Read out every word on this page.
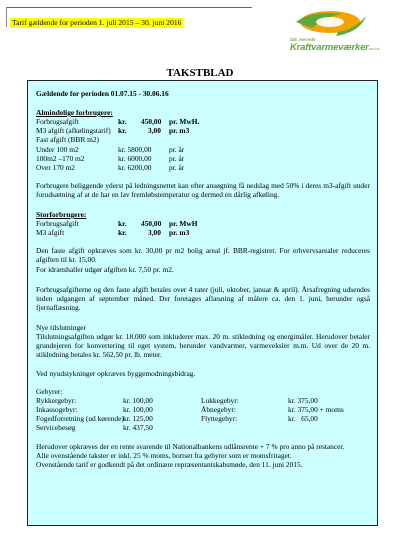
Tarif gældende for perioden 1. juli 2015 – 30. juni 2016
Sdr. Herreds
Kraftvarmeværkera.m.b.a.
TAKSTBLAD
Gældende for perioden 01.07.15 - 30.06.16
Almindelige forbrugere:
Forbrugsafgift	kr. 450,00 pr. MwH.
M3 afgift (afkølingstarif) kr.	3,00 pr. m3
Fast afgift (BBR m2)
Under 100 m2	kr. 5800,00 pr. år
100m2 –170 m2	kr. 6000,00 pr. år
Over 170 m2	kr. 6200,00 pr. år
Forbrugere beliggende yderst på ledningsnettet kan efter ansøgning få nedslag med 50% i deres m3-afgift under forudsætning af at de har en lav fremløbstemperatur og dermed en dårlig afkøling.
Storforbrugere:
Forbrugsafgift	kr. 450,00 pr. MwH
M3 afgift	kr.	3,00 pr. m3
Den faste afgift opkræves som kr. 30,00 pr m2 bolig areal jf. BBR-registret. For erhvervsarealer reduceres afgiften til kr. 15,00.
For idrætshaller udgør afgiften kr. 7,50 pr. m2.
Forbrugsafgifterne og den faste afgift betales over 4 rater (juli, oktober, januar & april). Årsafregning udsendes inden udgangen af september måned. Der foretages aflæsning af målere ca. den 1. juni, herunder også fjernaflæsning.
Nye tilslutninger
Tilslutningsafgiften udgør kr. 18.000 som inkluderer max. 20 m. stikledning og energimåler. Herudover betaler grundejeren for konvertering til eget system, herunder vandvarmer, varmeveksler m.m. Ud over de 20 m. stikledning betales kr. 562,50 pr. lb. meter.
Ved nyudstykninger opkræves byggemodningsbidrag.
Gebyrer:
Rykkergebyr:	kr. 100,00
Inkassogebyr:	kr. 100,00
Fogedforretning (ud kørende) kr. 125,00
Servicebesøg	kr. 437,50
Lukkegebyr:	kr. 375,00
Åbnegebyr:	kr. 375,00 + moms
Flyttegebyr:	kr.   65,00
Herudover opkræves der en rente svarende til Nationalbankens udlånsrente + 7 % pro anno på restancer.
Alle ovenstående takster er inkl. 25 % moms, bortset fra gebyrer som er momsfritaget.
Ovenstående tarif er godkendt på det ordinære repræsentantskabsmøde, den 11. juni 2015.
